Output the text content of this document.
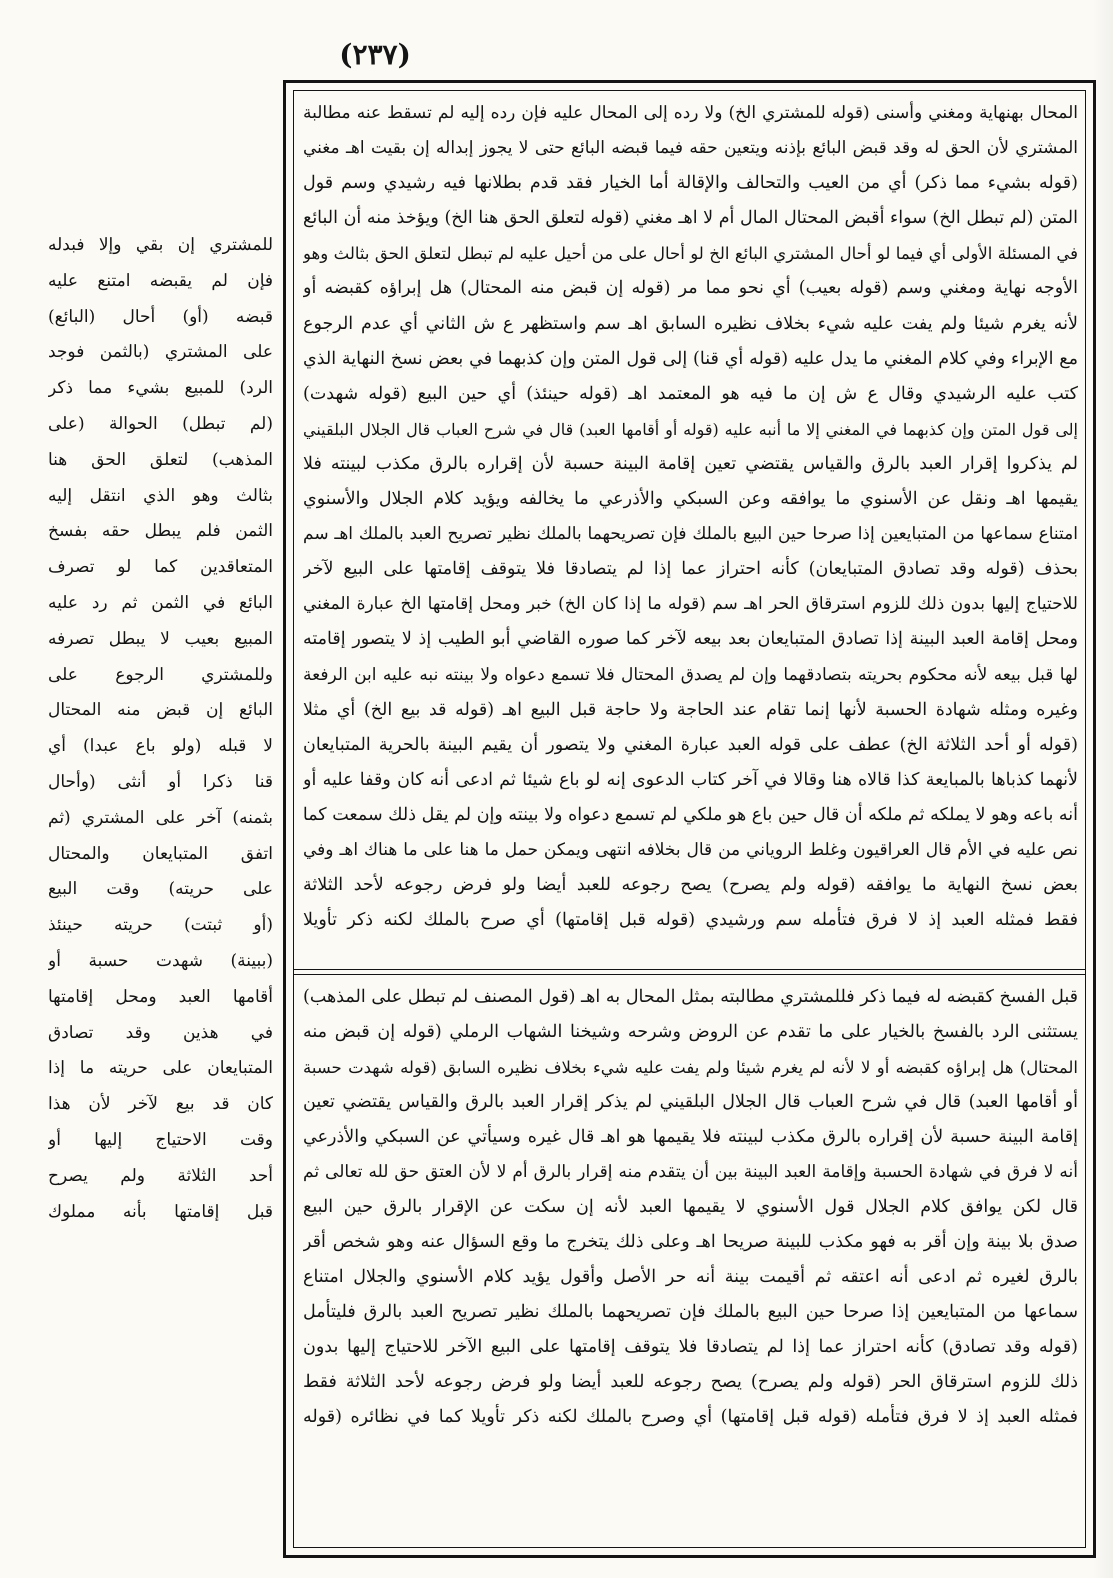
(٢٣٧)
المحال بهنهاية ومغني وأسنى (قوله للمشتري الخ) ولا رده إلى المحال عليه فإن رده إليه لم تسقط عنه مطالبة
المشتري لأن الحق له وقد قبض البائع بإذنه ويتعين حقه فيما قبضه البائع حتى لا يجوز إبداله إن بقيت اهـ مغني
(قوله بشيء مما ذكر) أي من العيب والتحالف والإقالة أما الخيار فقد قدم بطلانها فيه رشيدي وسم قول
المتن (لم تبطل الخ) سواء أقبض المحتال المال أم لا اهـ مغني (قوله لتعلق الحق هنا الخ) ويؤخذ منه أن البائع
في المسئلة الأولى أي فيما لو أحال المشتري البائع الخ لو أحال على من أحيل عليه لم تبطل لتعلق الحق بثالث وهو
الأوجه نهاية ومغني وسم (قوله بعيب) أي نحو مما مر (قوله إن قبض منه المحتال) هل إبراؤه كقبضه أو
لأنه يغرم شيئا ولم يفت عليه شيء بخلاف نظيره السابق اهـ سم واستظهر ع ش الثاني أي عدم الرجوع
مع الإبراء وفي كلام المغني ما يدل عليه (قوله أي قنا) إلى قول المتن وإن كذبهما في بعض نسخ النهاية الذي
كتب عليه الرشيدي وقال ع ش إن ما فيه هو المعتمد اهـ (قوله حينئذ) أي حين البيع (قوله شهدت)
إلى قول المتن وإن كذبهما في المغني إلا ما أنبه عليه (قوله أو أقامها العبد) قال في شرح العباب قال الجلال البلقيني
لم يذكروا إقرار العبد بالرق والقياس يقتضي تعين إقامة البينة حسبة لأن إقراره بالرق مكذب لبينته فلا
يقيمها اهـ ونقل عن الأسنوي ما يوافقه وعن السبكي والأذرعي ما يخالفه ويؤيد كلام الجلال والأسنوي
امتناع سماعها من المتبايعين إذا صرحا حين البيع بالملك فإن تصريحهما بالملك نظير تصريح العبد بالملك اهـ سم
بحذف (قوله وقد تصادق المتبايعان) كأنه احتراز عما إذا لم يتصادقا فلا يتوقف إقامتها على البيع لآخر
للاحتياج إليها بدون ذلك للزوم استرقاق الحر اهـ سم (قوله ما إذا كان الخ) خبر ومحل إقامتها الخ عبارة المغني
ومحل إقامة العبد البينة إذا تصادق المتبايعان بعد بيعه لآخر كما صوره القاضي أبو الطيب إذ لا يتصور إقامته
لها قبل بيعه لأنه محكوم بحريته بتصادقهما وإن لم يصدق المحتال فلا تسمع دعواه ولا بينته نبه عليه ابن الرفعة
وغيره ومثله شهادة الحسبة لأنها إنما تقام عند الحاجة ولا حاجة قبل البيع اهـ (قوله قد بيع الخ) أي مثلا
(قوله أو أحد الثلاثة الخ) عطف على قوله العبد عبارة المغني ولا يتصور أن يقيم البينة بالحرية المتبايعان
لأنهما كذباها بالمبايعة كذا قالاه هنا وقالا في آخر كتاب الدعوى إنه لو باع شيئا ثم ادعى أنه كان وقفا عليه أو
أنه باعه وهو لا يملكه ثم ملكه أن قال حين باع هو ملكي لم تسمع دعواه ولا بينته وإن لم يقل ذلك سمعت كما
نص عليه في الأم قال العراقيون وغلط الروياني من قال بخلافه انتهى ويمكن حمل ما هنا على ما هناك اهـ وفي
بعض نسخ النهاية ما يوافقه (قوله ولم يصرح) يصح رجوعه للعبد أيضا ولو فرض رجوعه لأحد الثلاثة
فقط فمثله العبد إذ لا فرق فتأمله سم ورشيدي (قوله قبل إقامتها) أي صرح بالملك لكنه ذكر تأويلا
قبل الفسخ كقبضه له فيما ذكر فللمشتري مطالبته بمثل المحال به اهـ (قول المصنف لم تبطل على المذهب)
يستثنى الرد بالفسخ بالخيار على ما تقدم عن الروض وشرحه وشيخنا الشهاب الرملي (قوله إن قبض منه
المحتال) هل إبراؤه كقبضه أو لا لأنه لم يغرم شيئا ولم يفت عليه شيء بخلاف نظيره السابق (قوله شهدت حسبة
أو أقامها العبد) قال في شرح العباب قال الجلال البلقيني لم يذكر إقرار العبد بالرق والقياس يقتضي تعين
إقامة البينة حسبة لأن إقراره بالرق مكذب لبينته فلا يقيمها هو اهـ قال غيره وسيأتي عن السبكي والأذرعي
أنه لا فرق في شهادة الحسبة وإقامة العبد البينة بين أن يتقدم منه إقرار بالرق أم لا لأن العتق حق لله تعالى ثم
قال لكن يوافق كلام الجلال قول الأسنوي لا يقيمها العبد لأنه إن سكت عن الإقرار بالرق حين البيع
صدق بلا بينة وإن أقر به فهو مكذب للبينة صريحا اهـ وعلى ذلك يتخرج ما وقع السؤال عنه وهو شخص أقر
بالرق لغيره ثم ادعى أنه اعتقه ثم أقيمت بينة أنه حر الأصل وأقول يؤيد كلام الأسنوي والجلال امتناع
سماعها من المتبايعين إذا صرحا حين البيع بالملك فإن تصريحهما بالملك نظير تصريح العبد بالرق فليتأمل
(قوله وقد تصادق) كأنه احتراز عما إذا لم يتصادقا فلا يتوقف إقامتها على البيع الآخر للاحتياج إليها بدون
ذلك للزوم استرقاق الحر (قوله ولم يصرح) يصح رجوعه للعبد أيضا ولو فرض رجوعه لأحد الثلاثة فقط
فمثله العبد إذ لا فرق فتأمله (قوله قبل إقامتها) أي وصرح بالملك لكنه ذكر تأويلا كما في نظائره (قوله
للمشتري إن بقي وإلا فبدله
فإن لم يقبضه امتنع عليه
قبضه (أو) أحال (البائع)
على المشتري (بالثمن فوجد
الرد) للمبيع بشيء مما ذكر
(لم تبطل) الحوالة (على
المذهب) لتعلق الحق هنا
بثالث وهو الذي انتقل إليه
الثمن فلم يبطل حقه بفسخ
المتعاقدين كما لو تصرف
البائع في الثمن ثم رد عليه
المبيع بعيب لا يبطل تصرفه
وللمشتري الرجوع على
البائع إن قبض منه المحتال
لا قبله (ولو باع عبدا) أي
قنا ذكرا أو أنثى (وأحال
بثمنه) آخر على المشتري (ثم
اتفق المتبايعان والمحتال
على حريته) وقت البيع
(أو ثبتت) حريته حينئذ
(ببينة) شهدت حسبة أو
أقامها العبد ومحل إقامتها
في هذين وقد تصادق
المتبايعان على حريته ما إذا
كان قد بيع لآخر لأن هذا
وقت الاحتياج إليها أو
أحد الثلاثة ولم يصرح
قبل إقامتها بأنه مملوك
